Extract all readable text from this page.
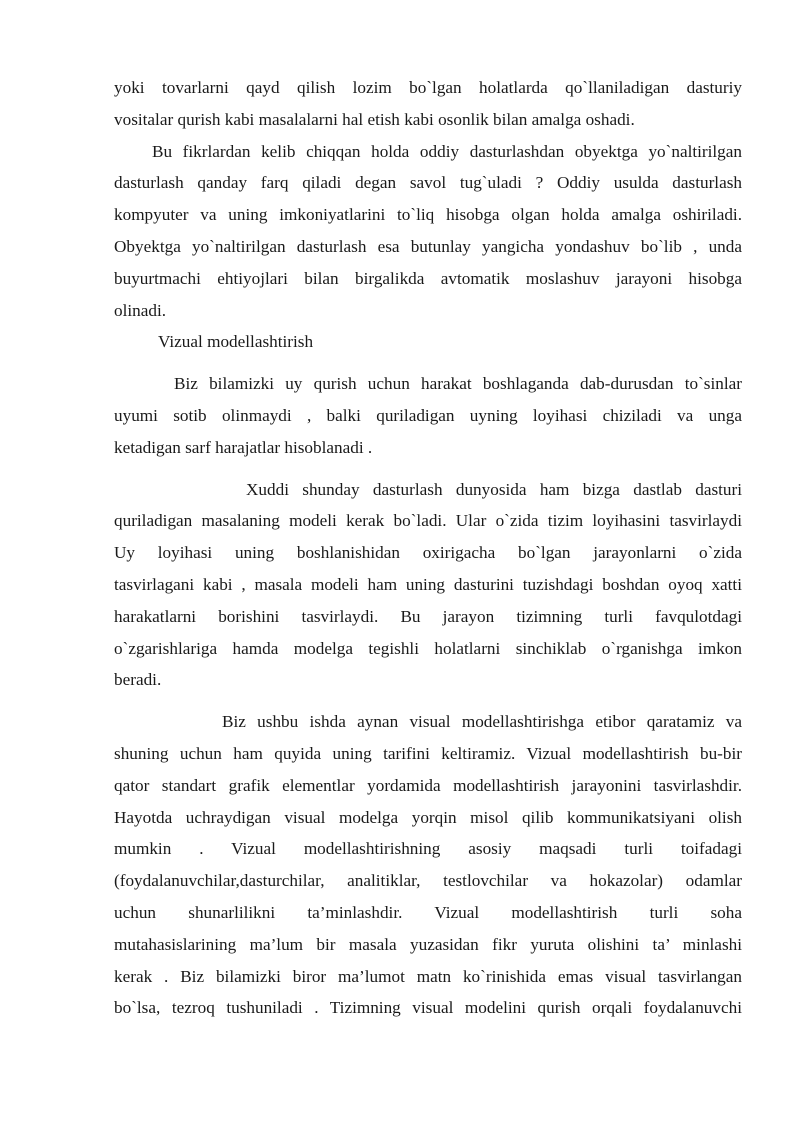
yoki tovarlarni qayd qilish lozim bo`lgan holatlarda qo`llaniladigan dasturiy
vositalar qurish kabi masalalarni hal etish kabi osonlik bilan amalga oshadi.
Bu fikrlardan kelib chiqqan holda oddiy dasturlashdan obyektga yo`naltirilgan
dasturlash qanday farq qiladi degan savol tug`uladi ? Oddiy usulda dasturlash
kompyuter va uning imkoniyatlarini to`liq hisobga olgan holda amalga oshiriladi.
Obyektga yo`naltirilgan dasturlash esa butunlay yangicha yondashuv bo`lib , unda
buyurtmachi ehtiyojlari bilan birgalikda avtomatik moslashuv jarayoni hisobga
olinadi.
Vizual modellashtirish
Biz bilamizki uy qurish uchun harakat boshlaganda dab-durusdan to`sinlar
uyumi sotib olinmaydi , balki quriladigan uyning loyihasi chiziladi va unga
ketadigan sarf harajatlar hisoblanadi .
Xuddi shunday dasturlash dunyosida ham bizga dastlab dasturi
quriladigan masalaning modeli kerak bo`ladi. Ular o`zida tizim loyihasini tasvirlaydi
Uy loyihasi uning boshlanishidan oxirigacha bo`lgan jarayonlarni o`zida
tasvirlagani kabi , masala modeli ham uning dasturini tuzishdagi boshdan oyoq xatti
harakatlarni borishini tasvirlaydi. Bu jarayon tizimning turli favqulotdagi
o`zgarishlariga hamda modelga tegishli holatlarni sinchiklab o`rganishga imkon
beradi.
Biz ushbu ishda aynan visual modellashtirishga etibor qaratamiz va
shuning uchun ham quyida uning tarifini keltiramiz. Vizual modellashtirish bu-bir
qator standart grafik elementlar yordamida modellashtirish jarayonini tasvirlashdir.
Hayotda uchraydigan visual modelga yorqin misol qilib kommunikatsiyani olish
mumkin . Vizual modellashtirishning asosiy maqsadi turli toifadagi
(foydalanuvchilar,dasturchilar, analitiklar, testlovchilar va hokazolar) odamlar
uchun shunarlilikni ta’minlashdir. Vizual modellashtirish turli soha
mutahasislarining ma’lum bir masala yuzasidan fikr yuruta olishini ta’ minlashi
kerak . Biz bilamizki biror ma’lumot matn ko`rinishida emas visual tasvirlangan
bo`lsa, tezroq tushuniladi . Tizimning visual modelini qurish orqali foydalanuvchi
